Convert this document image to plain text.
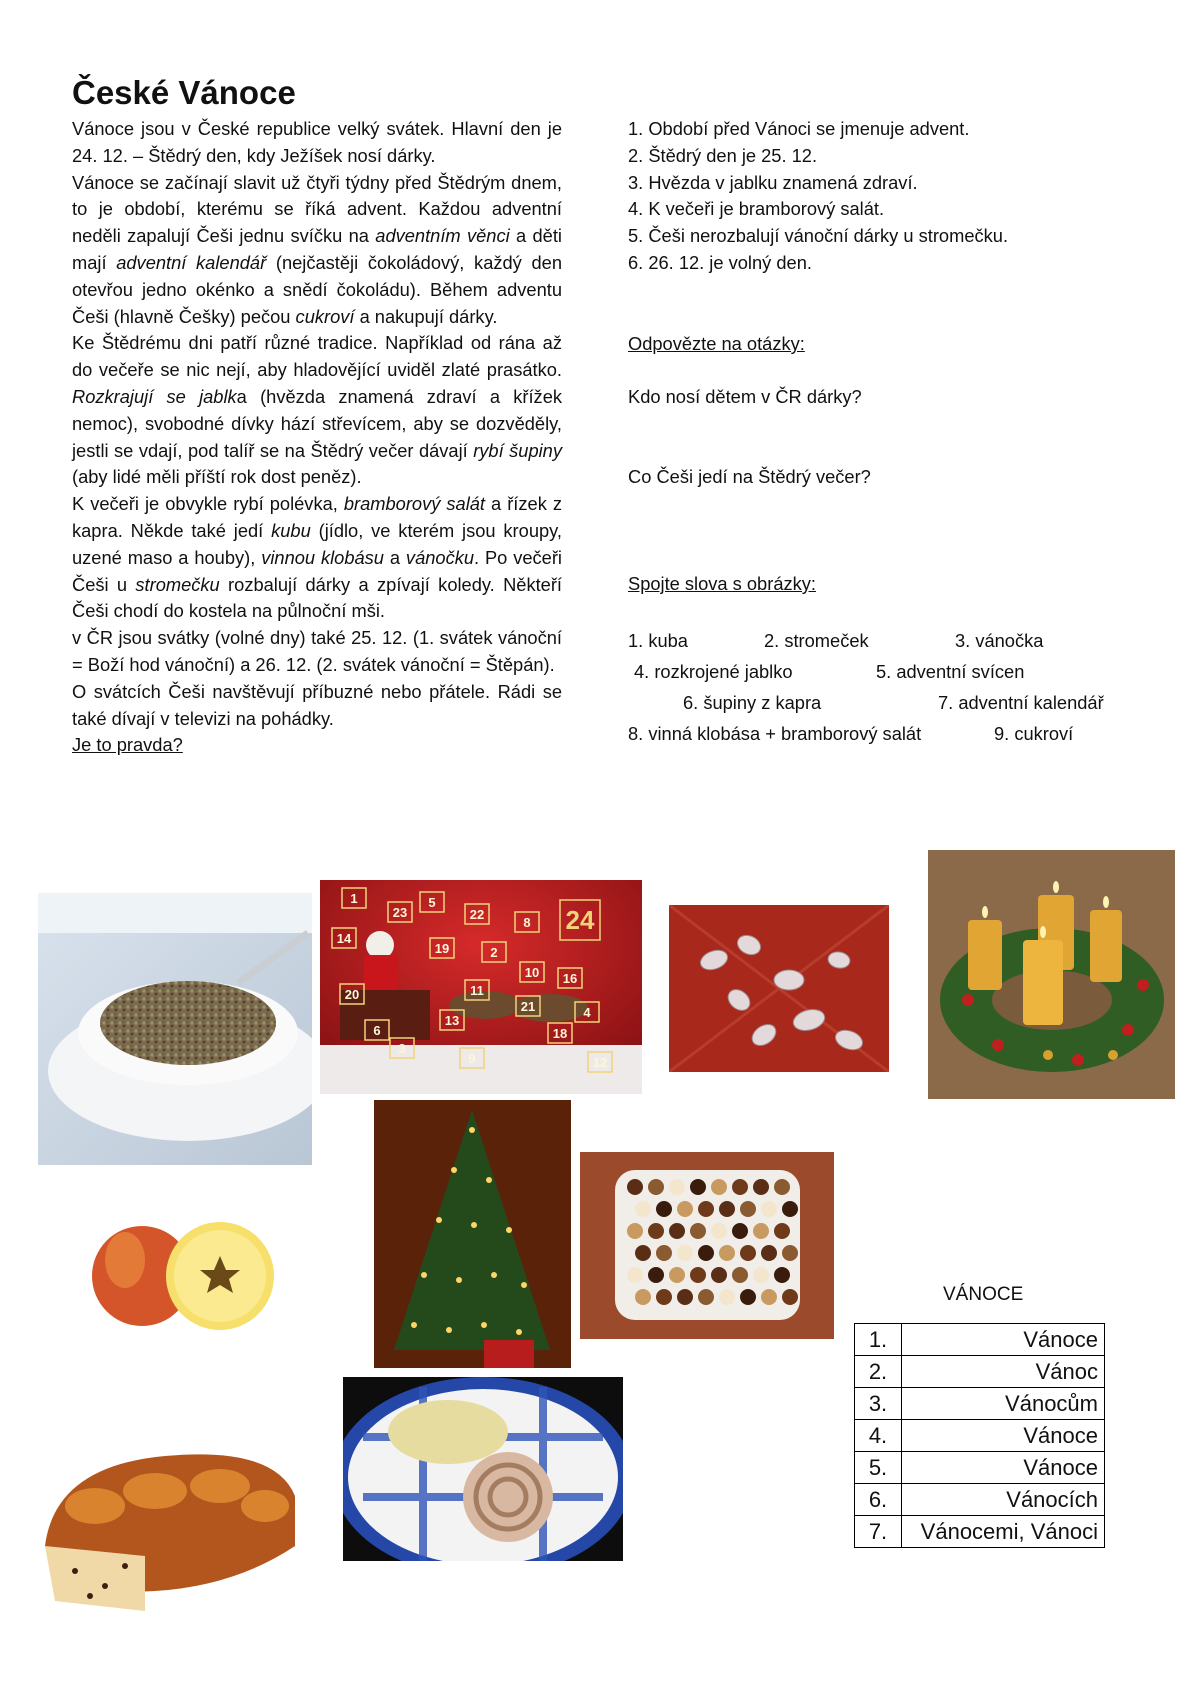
České Vánoce

Vánoce jsou v České republice velký svátek. Hlavní den je 24. 12. – Štědrý den, kdy Ježíšek nosí dárky.

Vánoce se začínají slavit už čtyři týdny před Štědrým dnem, to je období, kterému se říká advent. Každou adventní neděli zapalují Češi jednu svíčku na adventním věnci a děti mají adventní kalendář (nejčastěji čokoládový, každý den otevřou jedno okénko a snědí čokoládu). Během adventu Češi (hlavně Češky) pečou cukroví a nakupují dárky.

Ke Štědrému dni patří různé tradice. Například od rána až do večeře se nic nejí, aby hladovějící uviděl zlaté prasátko. Rozkrajují se jablka (hvězda znamená zdraví a křížek nemoc), svobodné dívky hází střevícem, aby se dozvěděly, jestli se vdají, pod talíř se na Štědrý večer dávají rybí šupiny (aby lidé měli příští rok dost peněz).

K večeři je obvykle rybí polévka, bramborový salát a řízek z kapra. Někde také jedí kubu (jídlo, ve kterém jsou kroupy, uzené maso a houby), vinnou klobásu a vánočku. Po večeři Češi u stromečku rozbalují dárky a zpívají koledy. Někteří Češi chodí do kostela na půlnoční mši.

v ČR jsou svátky (volné dny) také 25. 12. (1. svátek vánoční = Boží hod vánoční) a 26. 12. (2. svátek vánoční = Štěpán).

O svátcích Češi navštěvují příbuzné nebo přátele. Rádi se také dívají v televizi na pohádky.

Je to pravda?

1. Období před Vánoci se jmenuje advent.

2. Štědrý den je 25. 12.

3. Hvězda v jablku znamená zdraví.

4. K večeři je bramborový salát.

5. Češi nerozbalují vánoční dárky u stromečku.

6. 26. 12. je volný den.

Odpovězte na otázky:
Kdo nosí dětem v ČR dárky?
Co Češi jedí na Štědrý večer?
Spojte slova s obrázky:
1. kuba	2. stromeček	3. vánočka
4. rozkrojené jablko	5. adventní svícen
6. šupiny z kapra	7. adventní kalendář
8. vinná klobása + bramborový salát	9. cukroví
1
23
5
22
8 24
14
19	2
10 16
20	11
21	4
13
6
3
9
18
12
VÁNOCE
1.	Vánoce
2.	Vánoc
3.	Vánocům
4.	Vánoce
5.	Vánoce
6.	Vánocích
7.	Vánocemi, Vánoci
